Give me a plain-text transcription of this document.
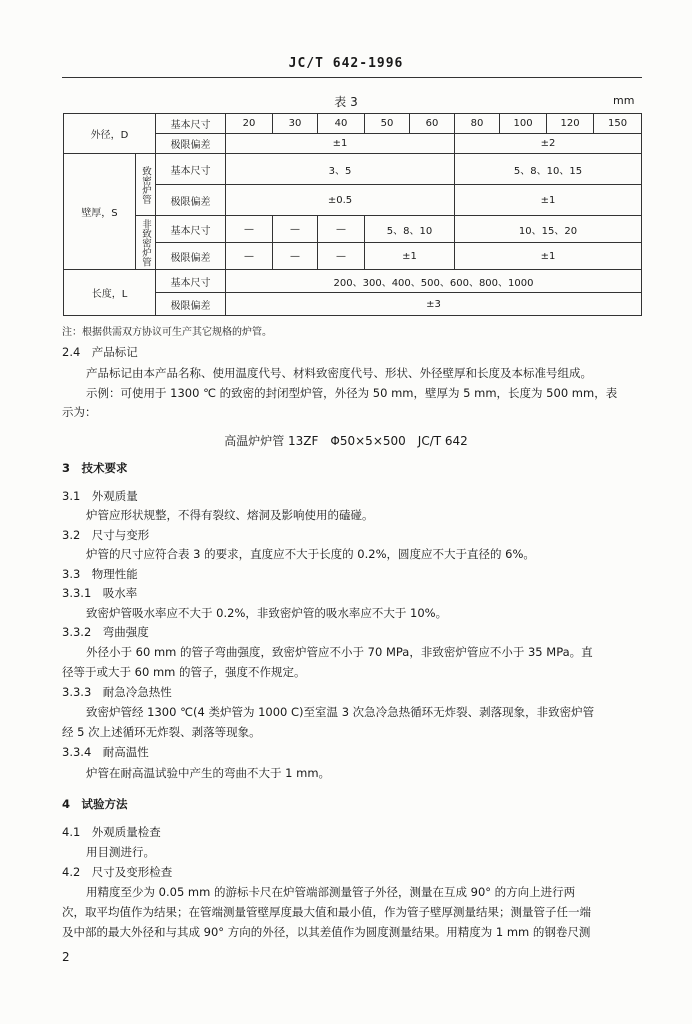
JC/T 642-1996
表 3	mm
外径，D		基本尺寸	20	30	40	50	60	80	100	120	150
		极限偏差	±1					±2			
壁厚，S	致密炉管	基本尺寸	3、5					5、8、10、15			
		极限偏差	±0.5					±1			
	非致密炉管	基本尺寸	—	—	—	5、8、10		10、15、20			
		极限偏差	—	—	—	±1		±1			
长度，L		基本尺寸	200、300、400、500、600、800、1000								
		极限偏差	±3								
注：根据供需双方协议可生产其它规格的炉管。
2.4　产品标记
产品标记由本产品名称、使用温度代号、材料致密度代号、形状、外径壁厚和长度及本标准号组成。
示例：可使用于 1300 ℃ 的致密的封闭型炉管，外径为 50 mm，壁厚为 5 mm，长度为 500 mm，表
示为：
高温炉炉管 13ZF　Φ50×5×500　JC/T 642
3　技术要求
3.1　外观质量
炉管应形状规整，不得有裂纹、熔洞及影响使用的磕碰。
3.2　尺寸与变形
炉管的尺寸应符合表 3 的要求，直度应不大于长度的 0.2%，圆度应不大于直径的 6%。
3.3　物理性能
3.3.1　吸水率
致密炉管吸水率应不大于 0.2%，非致密炉管的吸水率应不大于 10%。
3.3.2　弯曲强度
外径小于 60 mm 的管子弯曲强度，致密炉管应不小于 70 MPa，非致密炉管应不小于 35 MPa。直
径等于或大于 60 mm 的管子，强度不作规定。
3.3.3　耐急冷急热性
致密炉管经 1300 ℃(4 类炉管为 1000 C)至室温 3 次急冷急热循环无炸裂、剥落现象，非致密炉管
经 5 次上述循环无炸裂、剥落等现象。
3.3.4　耐高温性
炉管在耐高温试验中产生的弯曲不大于 1 mm。
4　试验方法
4.1　外观质量检查
用目测进行。
4.2　尺寸及变形检查
用精度至少为 0.05 mm 的游标卡尺在炉管端部测量管子外径，测量在互成 90° 的方向上进行两
次，取平均值作为结果；在管端测量管壁厚度最大值和最小值，作为管子壁厚测量结果；测量管子任一端
及中部的最大外径和与其成 90° 方向的外径，以其差值作为圆度测量结果。用精度为 1 mm 的钢卷尺测
2
